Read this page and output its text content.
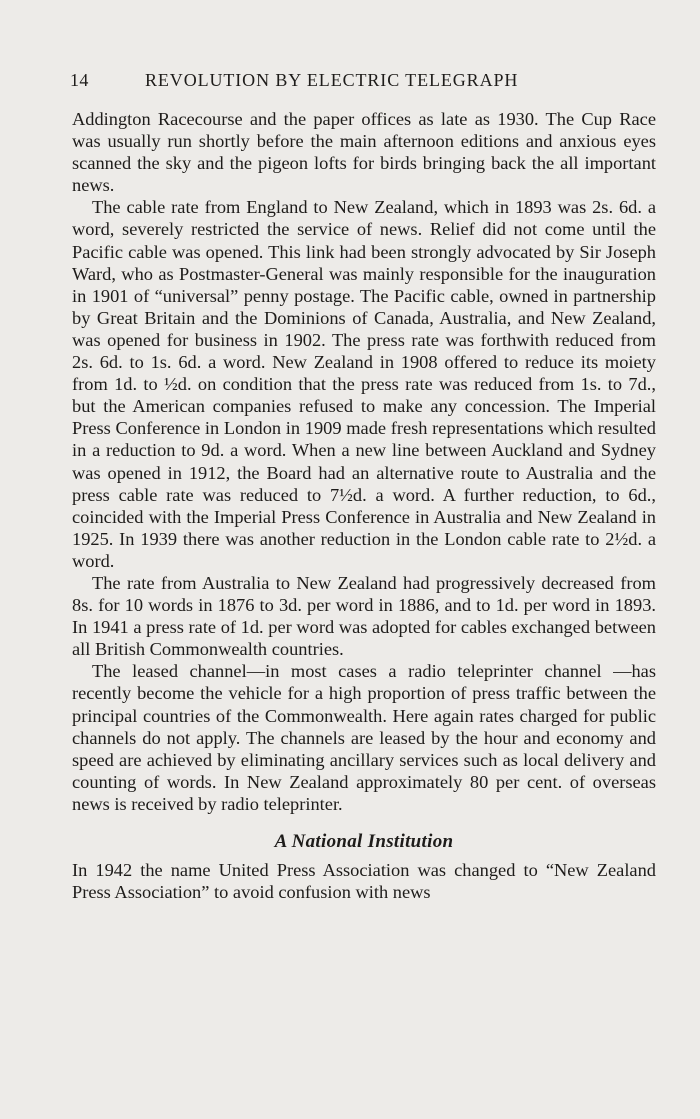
14	REVOLUTION BY ELECTRIC TELEGRAPH

Addington Racecourse and the paper offices as late as 1930. The Cup Race was usually run shortly before the main afternoon editions and anxious eyes scanned the sky and the pigeon lofts for birds bringing back the all important news.

The cable rate from England to New Zealand, which in 1893 was 2s. 6d. a word, severely restricted the service of news. Relief did not come until the Pacific cable was opened. This link had been strongly advocated by Sir Joseph Ward, who as Postmaster-General was mainly responsible for the inauguration in 1901 of “universal” penny postage. The Pacific cable, owned in partnership by Great Britain and the Dominions of Canada, Australia, and New Zealand, was opened for business in 1902. The press rate was forthwith reduced from 2s. 6d. to 1s. 6d. a word. New Zealand in 1908 offered to reduce its moiety from 1d. to ½d. on condition that the press rate was reduced from 1s. to 7d., but the American companies refused to make any concession. The Imperial Press Conference in London in 1909 made fresh representations which resulted in a reduction to 9d. a word. When a new line between Auckland and Sydney was opened in 1912, the Board had an alternative route to Australia and the press cable rate was reduced to 7½d. a word. A further reduction, to 6d., coincided with the Imperial Press Conference in Australia and New Zealand in 1925. In 1939 there was another reduction in the London cable rate to 2½d. a word.

The rate from Australia to New Zealand had progressively decreased from 8s. for 10 words in 1876 to 3d. per word in 1886, and to 1d. per word in 1893. In 1941 a press rate of 1d. per word was adopted for cables exchanged between all British Commonwealth countries.

The leased channel—in most cases a radio teleprinter channel —has recently become the vehicle for a high proportion of press traffic between the principal countries of the Commonwealth. Here again rates charged for public channels do not apply. The channels are leased by the hour and economy and speed are achieved by eliminating ancillary services such as local delivery and counting of words. In New Zealand approximately 80 per cent. of overseas news is received by radio teleprinter.

A National Institution

In 1942 the name United Press Association was changed to “New Zealand Press Association” to avoid confusion with news
